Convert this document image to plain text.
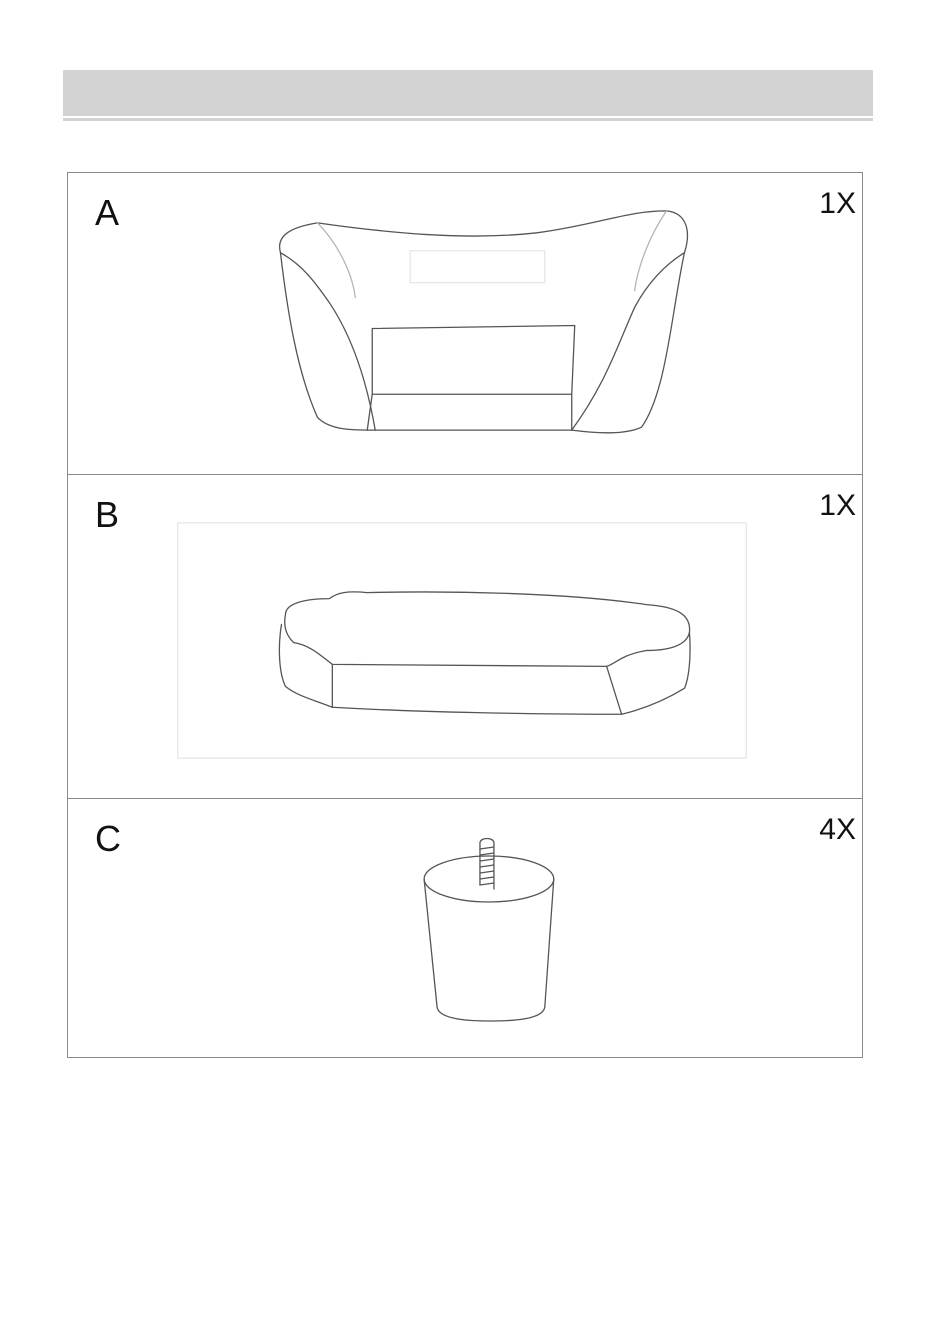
A	1X
B	1X
C	4X
